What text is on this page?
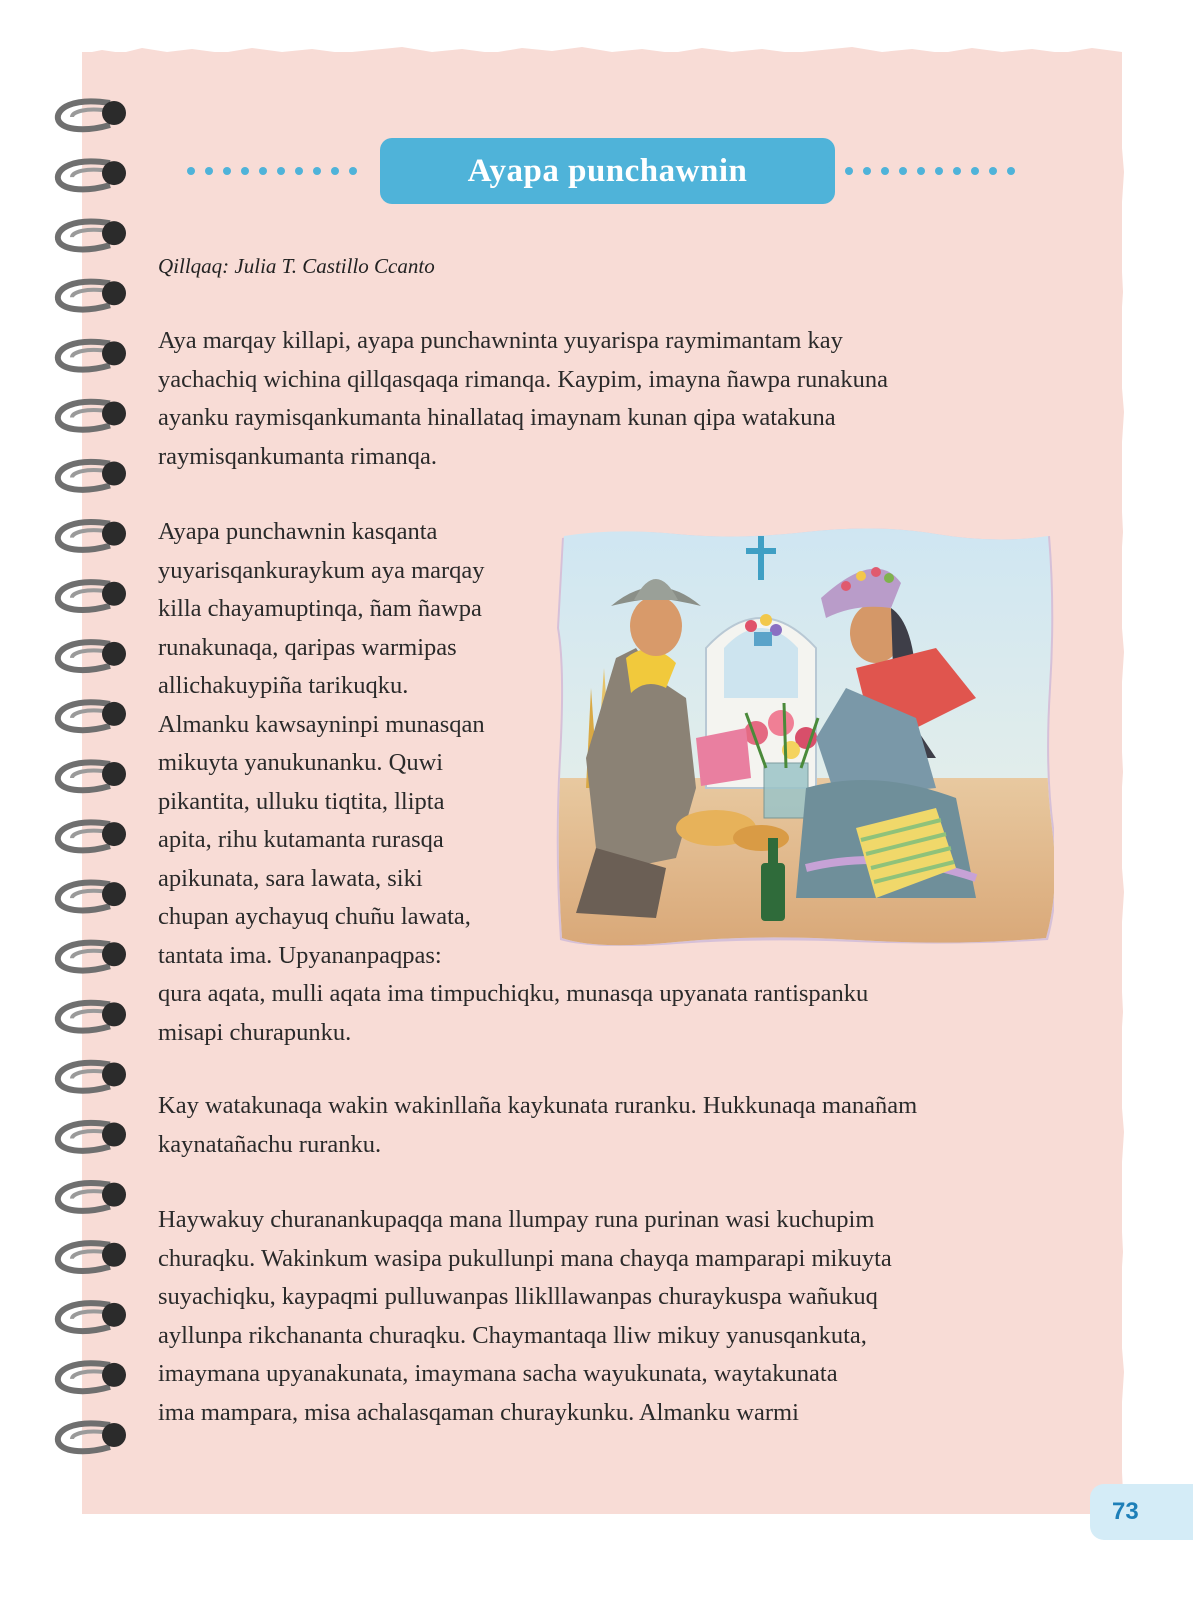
Ayapa punchawnin
Qillqaq: Julia T. Castillo Ccanto

Aya marqay killapi, ayapa punchawninta yuyarispa raymimantam kay
yachachiq wichina qillqasqaqa rimanqa. Kaypim, imayna ñawpa runakuna
ayanku raymisqankumanta hinallataq imaynam kunan qipa watakuna
raymisqankumanta rimanqa.

Ayapa punchawnin kasqanta
yuyarisqankuraykum aya marqay
killa chayamuptinqa, ñam ñawpa
runakunaqa, qaripas warmipas
allichakuypiña tarikuqku.
Almanku kawsayninpi munasqan
mikuyta yanukunanku. Quwi
pikantita, ulluku tiqtita, llipta
apita, rihu kutamanta rurasqa
apikunata, sara lawata, siki
chupan aychayuq chuñu lawata,
tantata ima. Upyananpaqpas:
qura aqata, mulli aqata ima timpuchiqku, munasqa upyanata rantispanku
misapi churapunku.

Kay watakunaqa wakin wakinllaña kaykunata ruranku. Hukkunaqa manañam
kaynatañachu ruranku.

Haywakuy churanankupaqqa mana llumpay runa purinan wasi kuchupim
churaqku. Wakinkum wasipa pukullunpi mana chayqa mamparapi mikuyta
suyachiqku, kaypaqmi pulluwanpas lliklllawanpas churaykuspa wañukuq
ayllunpa rikchananta churaqku. Chaymantaqa lliw mikuy yanusqankuta,
imaymana upyanakunata, imaymana sacha wayukunata, waytakunata
ima mampara, misa achalasqaman churaykunku. Almanku warmi

73
